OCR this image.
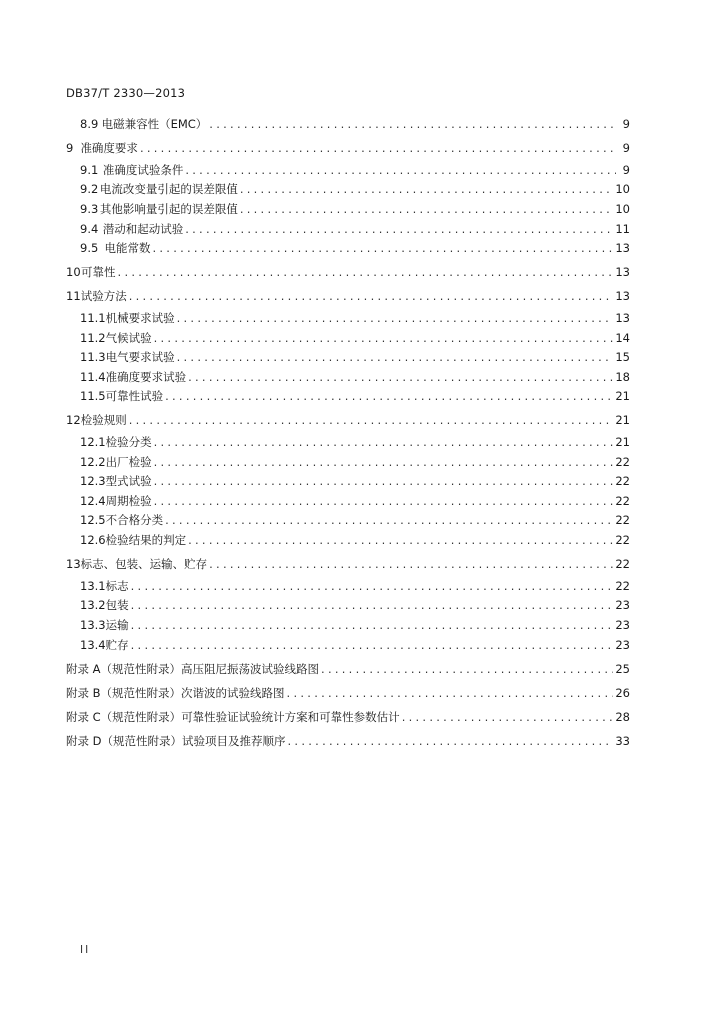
DB37/T 2330—2013
8.9 电磁兼容性（EMC） . . .	9
9 准确度要求 . . .	9
9.1 准确度试验条件 . . .	9
9.2 电流改变量引起的误差限值 . . .	10
9.3 其他影响量引起的误差限值 . . .	10
9.4 潜动和起动试验 . . .	11
9.5 电能常数 . . .	13
10 可靠性 . . .	13
11 试验方法 . . .	13
11.1 机械要求试验 . . .	13
11.2 气候试验 . . .	14
11.3 电气要求试验 . . .	15
11.4 准确度要求试验 . . .	18
11.5 可靠性试验 . . .	21
12 检验规则 . . .	21
12.1 检验分类 . . .	21
12.2 出厂检验 . . .	22
12.3 型式试验 . . .	22
12.4 周期检验 . . .	22
12.5 不合格分类 . . .	22
12.6 检验结果的判定 . . .	22
13 标志、包装、运输、贮存 . . .	22
13.1 标志 . . .	22
13.2 包装 . . .	23
13.3 运输 . . .	23
13.4 贮存 . . .	23
附录 A（规范性附录） 高压阻尼振荡波试验线路图 . . .	25
附录 B（规范性附录） 次谐波的试验线路图 . . .	26
附录 C（规范性附录） 可靠性验证试验统计方案和可靠性参数估计 . . .	28
附录 D（规范性附录） 试验项目及推荐顺序 . . .	33
II
